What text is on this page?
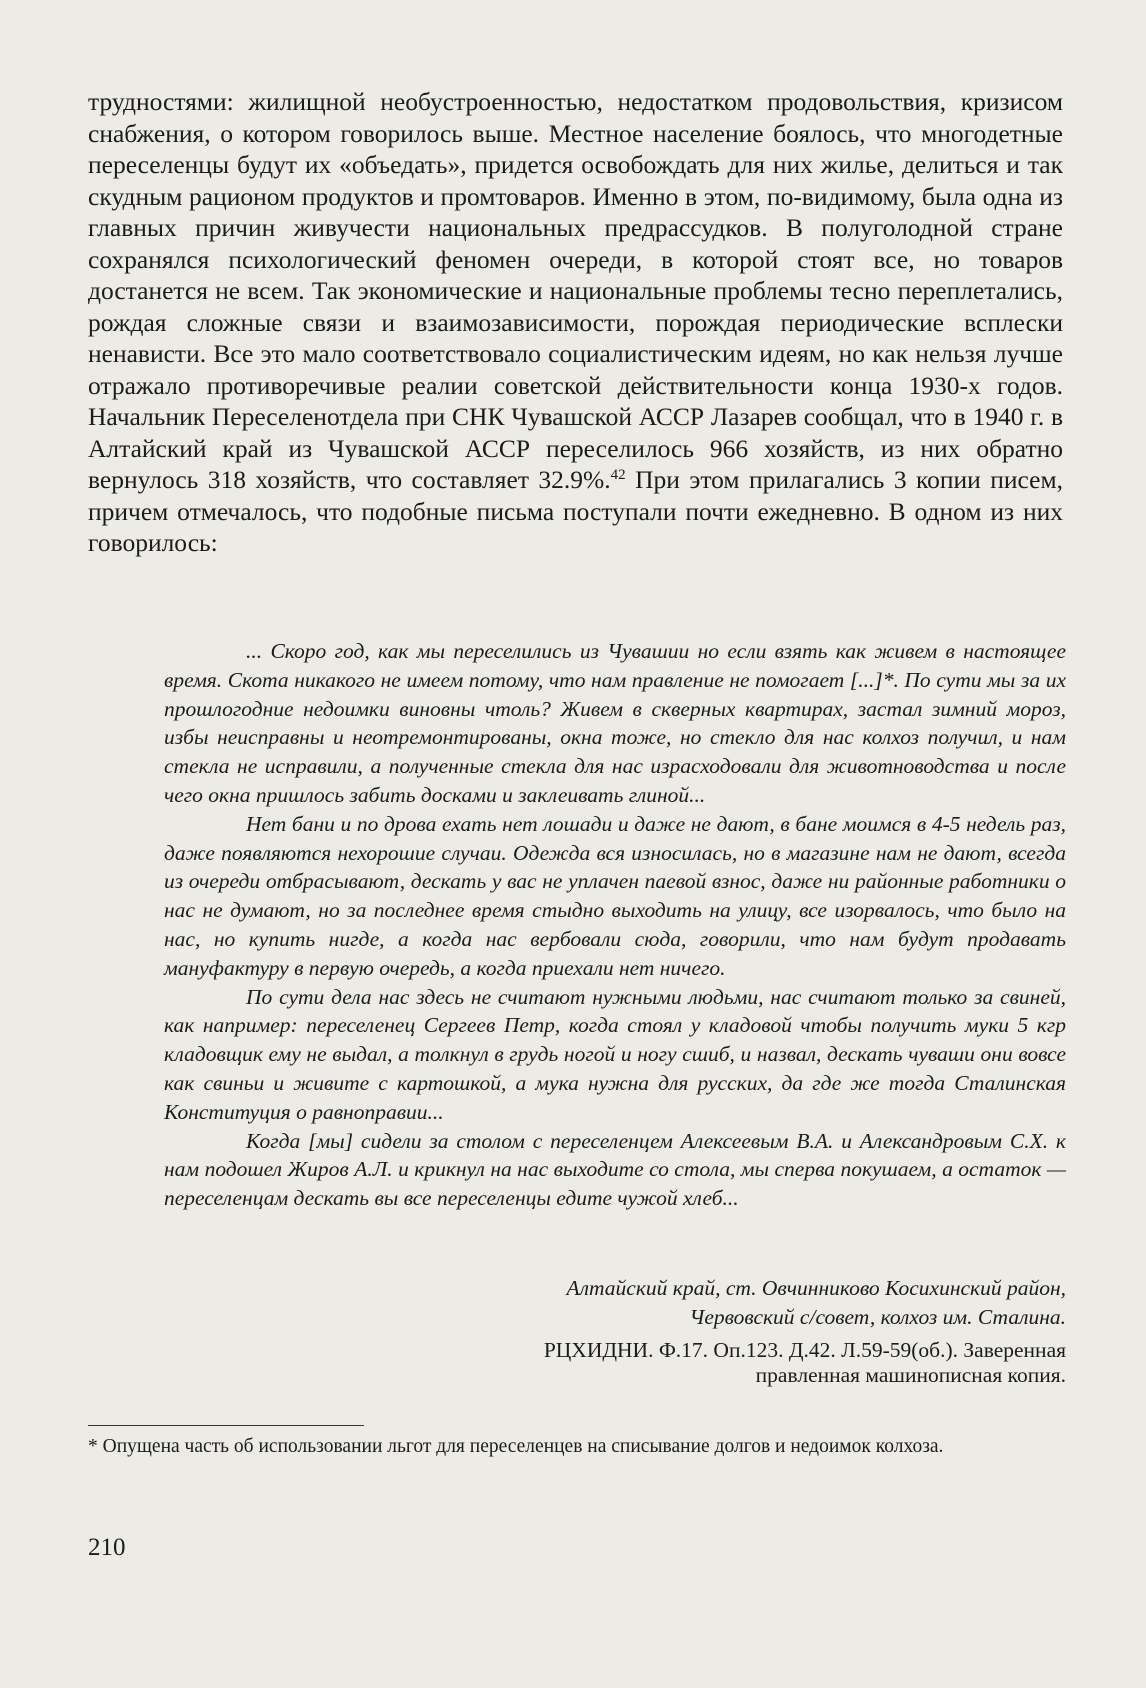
трудностями: жилищной необустроенностью, недостатком продовольствия, кризисом снабжения, о котором говорилось выше. Местное население боялось, что многодетные переселенцы будут их «объедать», придется освобождать для них жилье, делиться и так скудным рационом продуктов и промтоваров. Именно в этом, по-видимому, была одна из главных причин живучести национальных предрассудков. В полуголодной стране сохранялся психологический феномен очереди, в которой стоят все, но товаров достанется не всем. Так экономические и национальные проблемы тесно переплетались, рождая сложные связи и взаимозависимости, порождая периодические всплески ненависти. Все это мало соответствовало социалистическим идеям, но как нельзя лучше отражало противоречивые реалии советской действительности конца 1930-х годов. Начальник Переселенотдела при СНК Чувашской АССР Лазарев сообщал, что в 1940 г. в Алтайский край из Чувашской АССР переселилось 966 хозяйств, из них обратно вернулось 318 хозяйств, что составляет 32.9%.$^{42}$ При этом прилагались 3 копии писем, причем отмечалось, что подобные письма поступали почти ежедневно. В одном из них говорилось:

... Скоро год, как мы переселились из Чувашии но если взять как живем в настоящее время. Скота никакого не имеем потому, что нам правление не помогает [...]*. По сути мы за их прошлогодние недоимки виновны чтоль? Живем в скверных квартирах, застал зимний мороз, избы неисправны и неотремонтированы, окна тоже, но стекло для нас колхоз получил, и нам стекла не исправили, а полученные стекла для нас израсходовали для животноводства и после чего окна пришлось забить досками и заклеивать глиной...

Нет бани и по дрова ехать нет лошади и даже не дают, в бане моимся в 4-5 недель раз, даже появляются нехорошие случаи. Одежда вся износилась, но в магазине нам не дают, всегда из очереди отбрасывают, дескать у вас не уплачен паевой взнос, даже ни районные работники о нас не думают, но за последнее время стыдно выходить на улицу, все изорвалось, что было на нас, но купить нигде, а когда нас вербовали сюда, говорили, что нам будут продавать мануфактуру в первую очередь, а когда приехали нет ничего.

По сути дела нас здесь не считают нужными людьми, нас считают только за свиней, как например: переселенец Сергеев Петр, когда стоял у кладовой чтобы получить муки 5 кгр кладовщик ему не выдал, а толкнул в грудь ногой и ногу сшиб, и назвал, дескать чуваши они вовсе как свиньи и живите с картошкой, а мука нужна для русских, да где же тогда Сталинская Конституция о равноправии...

Когда [мы] сидели за столом с переселенцем Алексеевым В.А. и Александровым С.Х. к нам подошел Жиров А.Л. и крикнул на нас выходите со стола, мы сперва покушаем, а остаток — переселенцам дескать вы все переселенцы едите чужой хлеб...

Алтайский край, ст. Овчинниково Косихинский район,
Червовский с/совет, колхоз им. Сталина.
РЦХИДНИ. Ф.17. Оп.123. Д.42. Л.59-59(об.). Заверенная
правленная машинописная копия.
* Опущена часть об использовании льгот для переселенцев на списывание долгов и недоимок колхоза.
210
